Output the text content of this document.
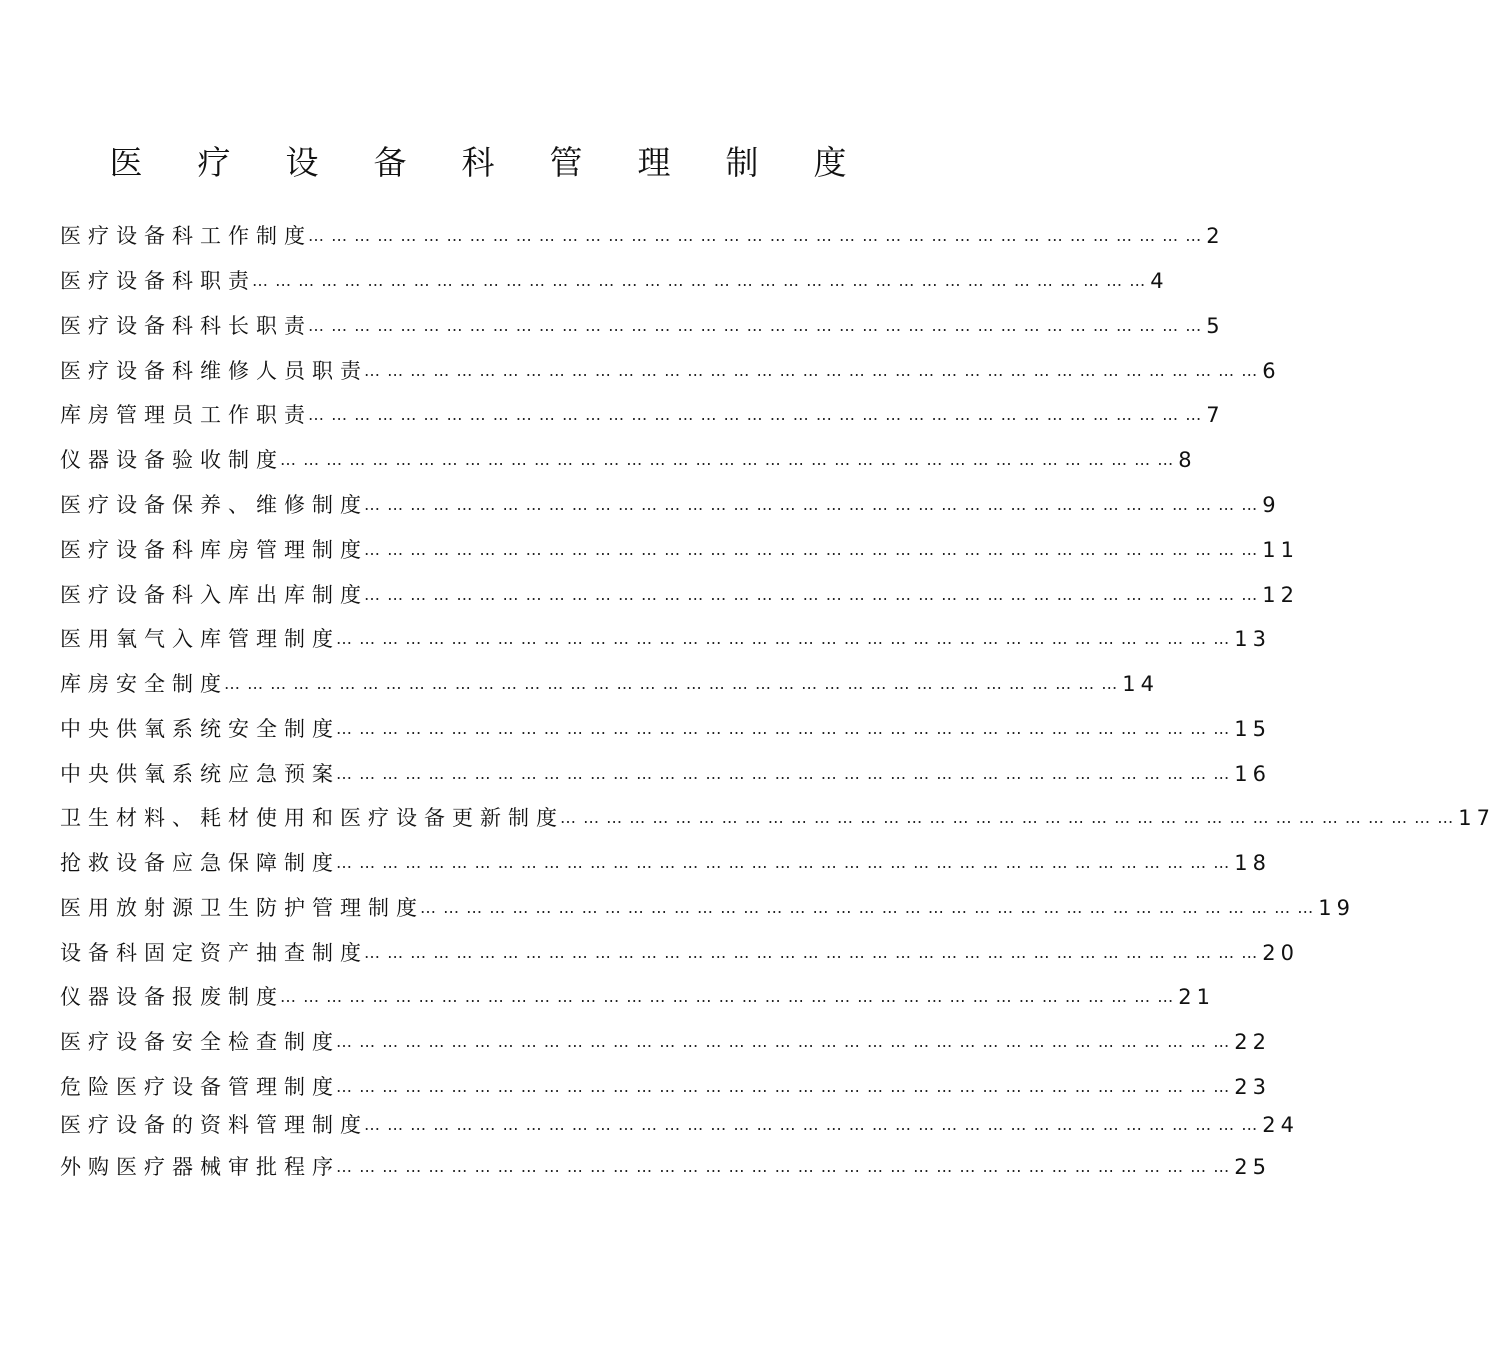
医 疗 设 备 科 管 理 制 度
医疗设备科工作制度
… … … … … … … … … … … … … … … … … … … … … … … … … … … … … … … … … … … … … … … 2
医疗设备科职责
… … … … … … … … … … … … … … … … … … … … … … … … … … … … … … … … … … … … … … … 4
医疗设备科科长职责
… … … … … … … … … … … … … … … … … … … … … … … … … … … … … … … … … … … … … … … 5
医疗设备科维修人员职责
… … … … … … … … … … … … … … … … … … … … … … … … … … … … … … … … … … … … … … … 6
库房管理员工作职责
… … … … … … … … … … … … … … … … … … … … … … … … … … … … … … … … … … … … … … … 7
仪器设备验收制度
… … … … … … … … … … … … … … … … … … … … … … … … … … … … … … … … … … … … … … … 8
医疗设备保养、维修制度
… … … … … … … … … … … … … … … … … … … … … … … … … … … … … … … … … … … … … … … 9
医疗设备科库房管理制度
… … … … … … … … … … … … … … … … … … … … … … … … … … … … … … … … … … … … … … … 11
医疗设备科入库出库制度
… … … … … … … … … … … … … … … … … … … … … … … … … … … … … … … … … … … … … … … 12
医用氧气入库管理制度
… … … … … … … … … … … … … … … … … … … … … … … … … … … … … … … … … … … … … … … 13
库房安全制度
… … … … … … … … … … … … … … … … … … … … … … … … … … … … … … … … … … … … … … … 14
中央供氧系统安全制度
… … … … … … … … … … … … … … … … … … … … … … … … … … … … … … … … … … … … … … … 15
中央供氧系统应急预案
… … … … … … … … … … … … … … … … … … … … … … … … … … … … … … … … … … … … … … … 16
卫生材料、耗材使用和医疗设备更新制度
… … … … … … … … … … … … … … … … … … … … … … … … … … … … … … … … … … … … … … … 17
抢救设备应急保障制度
… … … … … … … … … … … … … … … … … … … … … … … … … … … … … … … … … … … … … … … 18
医用放射源卫生防护管理制度
… … … … … … … … … … … … … … … … … … … … … … … … … … … … … … … … … … … … … … … 19
设备科固定资产抽查制度
… … … … … … … … … … … … … … … … … … … … … … … … … … … … … … … … … … … … … … … 20
仪器设备报废制度
… … … … … … … … … … … … … … … … … … … … … … … … … … … … … … … … … … … … … … … 21
医疗设备安全检查制度
… … … … … … … … … … … … … … … … … … … … … … … … … … … … … … … … … … … … … … … 22
危险医疗设备管理制度
… … … … … … … … … … … … … … … … … … … … … … … … … … … … … … … … … … … … … … … 23
医疗设备的资料管理制度
… … … … … … … … … … … … … … … … … … … … … … … … … … … … … … … … … … … … … … … 24
外购医疗器械审批程序
… … … … … … … … … … … … … … … … … … … … … … … … … … … … … … … … … … … … … … … 25
